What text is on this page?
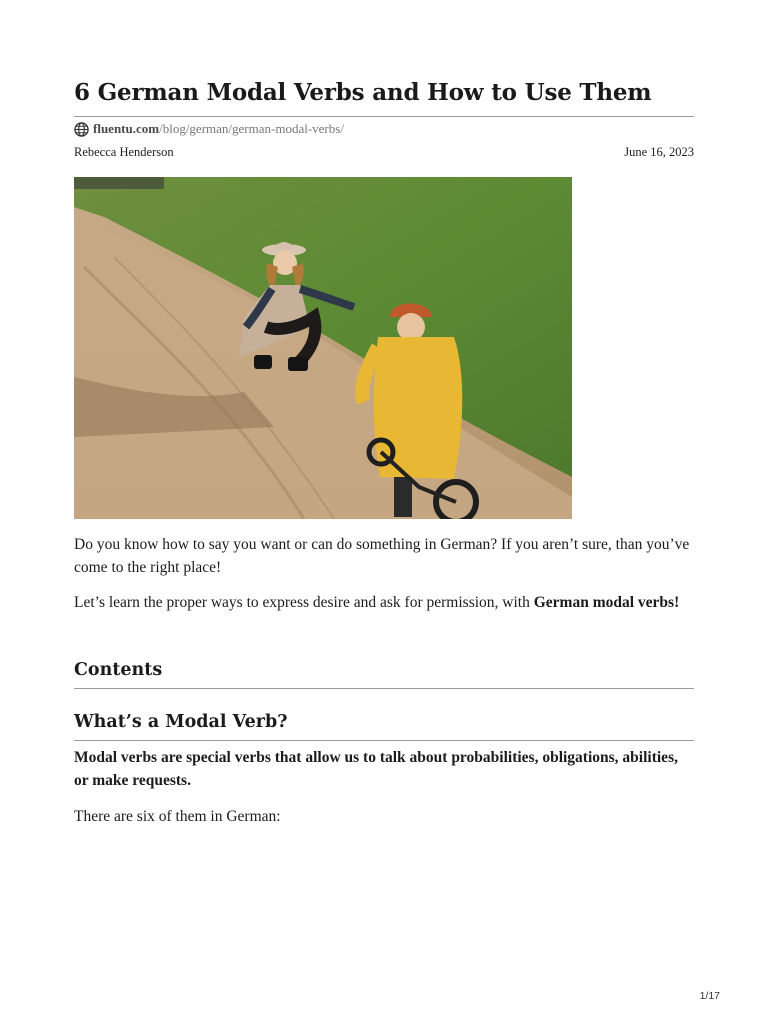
6 German Modal Verbs and How to Use Them
fluentu.com /blog/german/german-modal-verbs/
Rebecca Henderson	June 16, 2023

Do you know how to say you want or can do something in German? If you aren’t sure, than you’ve come to the right place!

Let’s learn the proper ways to express desire and ask for permission, with German modal verbs!

Contents
What’s a Modal Verb?

Modal verbs are special verbs that allow us to talk about probabilities, obligations, abilities, or make requests.

There are six of them in German:

1/17
